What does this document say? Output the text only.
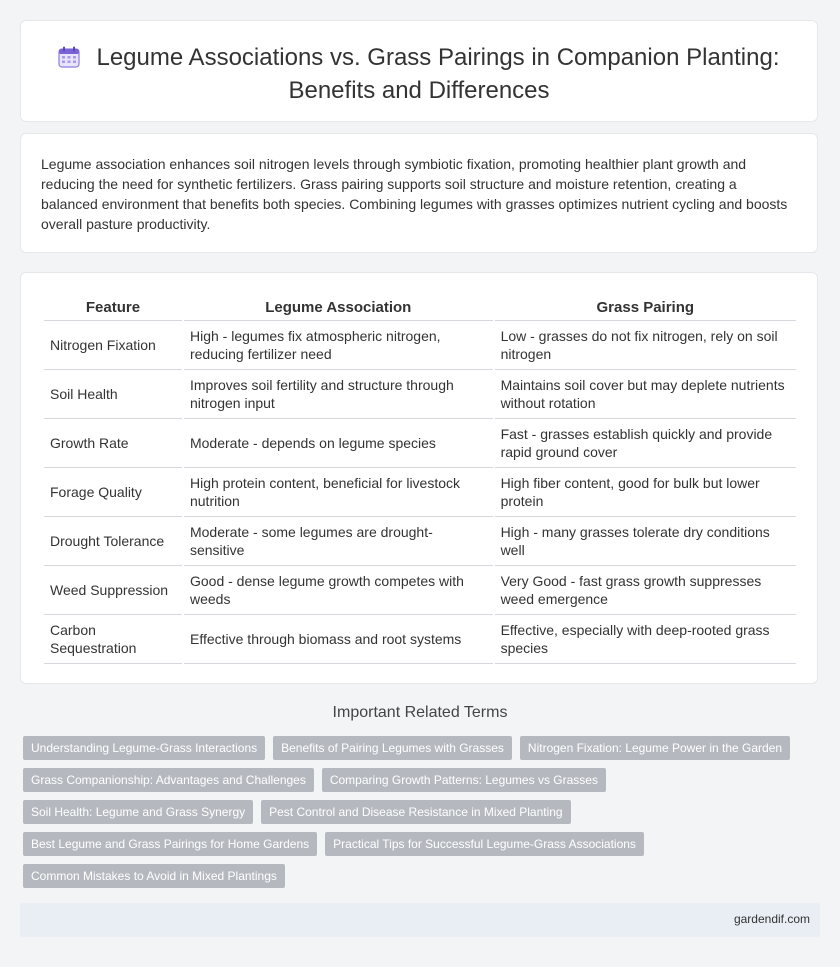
Legume Associations vs. Grass Pairings in Companion Planting:
Benefits and Differences

Legume association enhances soil nitrogen levels through symbiotic fixation, promoting healthier plant growth and reducing the need for synthetic fertilizers. Grass pairing supports soil structure and moisture retention, creating a balanced environment that benefits both species. Combining legumes with grasses optimizes nutrient cycling and boosts overall pasture productivity.

Feature	Legume Association	Grass Pairing
Nitrogen Fixation	High - legumes fix atmospheric nitrogen, reducing fertilizer need	Low - grasses do not fix nitrogen, rely on soil nitrogen
Soil Health	Improves soil fertility and structure through nitrogen input	Maintains soil cover but may deplete nutrients without rotation
Growth Rate	Moderate - depends on legume species	Fast - grasses establish quickly and provide rapid ground cover
Forage Quality	High protein content, beneficial for livestock nutrition	High fiber content, good for bulk but lower protein
Drought Tolerance	Moderate - some legumes are drought-sensitive	High - many grasses tolerate dry conditions well
Weed Suppression	Good - dense legume growth competes with weeds	Very Good - fast grass growth suppresses weed emergence
Carbon Sequestration	Effective through biomass and root systems	Effective, especially with deep-rooted grass species
Important Related Terms
Understanding Legume-Grass Interactions	Benefits of Pairing Legumes with Grasses	Nitrogen Fixation: Legume Power in the Garden
Grass Companionship: Advantages and Challenges	Comparing Growth Patterns: Legumes vs Grasses
Soil Health: Legume and Grass Synergy	Pest Control and Disease Resistance in Mixed Planting
Best Legume and Grass Pairings for Home Gardens	Practical Tips for Successful Legume-Grass Associations
Common Mistakes to Avoid in Mixed Plantings
gardendif.com
